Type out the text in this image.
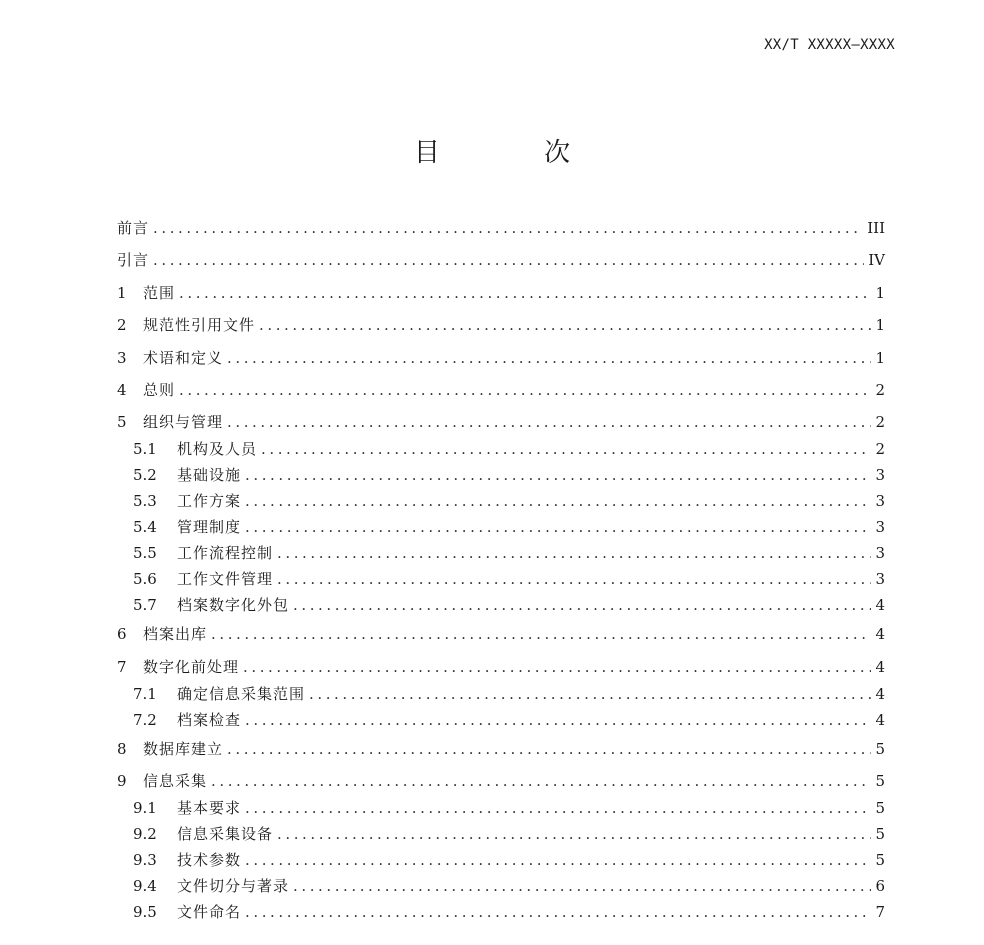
XX/T XXXXX—XXXX
目 次
前言 . . .	III
引言 . . .	IV
1	范围 . . .	1
2	规范性引用文件 . . .	1
3	术语和定义 . . .	1
4	总则 . . .	2
5	组织与管理 . . .	2
5.1	机构及人员 . . .	2
5.2	基础设施 . . .	3
5.3	工作方案 . . .	3
5.4	管理制度 . . .	3
5.5	工作流程控制 . . .	3
5.6	工作文件管理 . . .	3
5.7	档案数字化外包 . . .	4
6	档案出库 . . .	4
7	数字化前处理 . . .	4
7.1	确定信息采集范围 . . .	4
7.2	档案检查 . . .	4
8	数据库建立 . . .	5
9	信息采集 . . .	5
9.1	基本要求 . . .	5
9.2	信息采集设备 . . .	5
9.3	技术参数 . . .	5
9.4	文件切分与著录 . . .	6
9.5	文件命名 . . .	7
